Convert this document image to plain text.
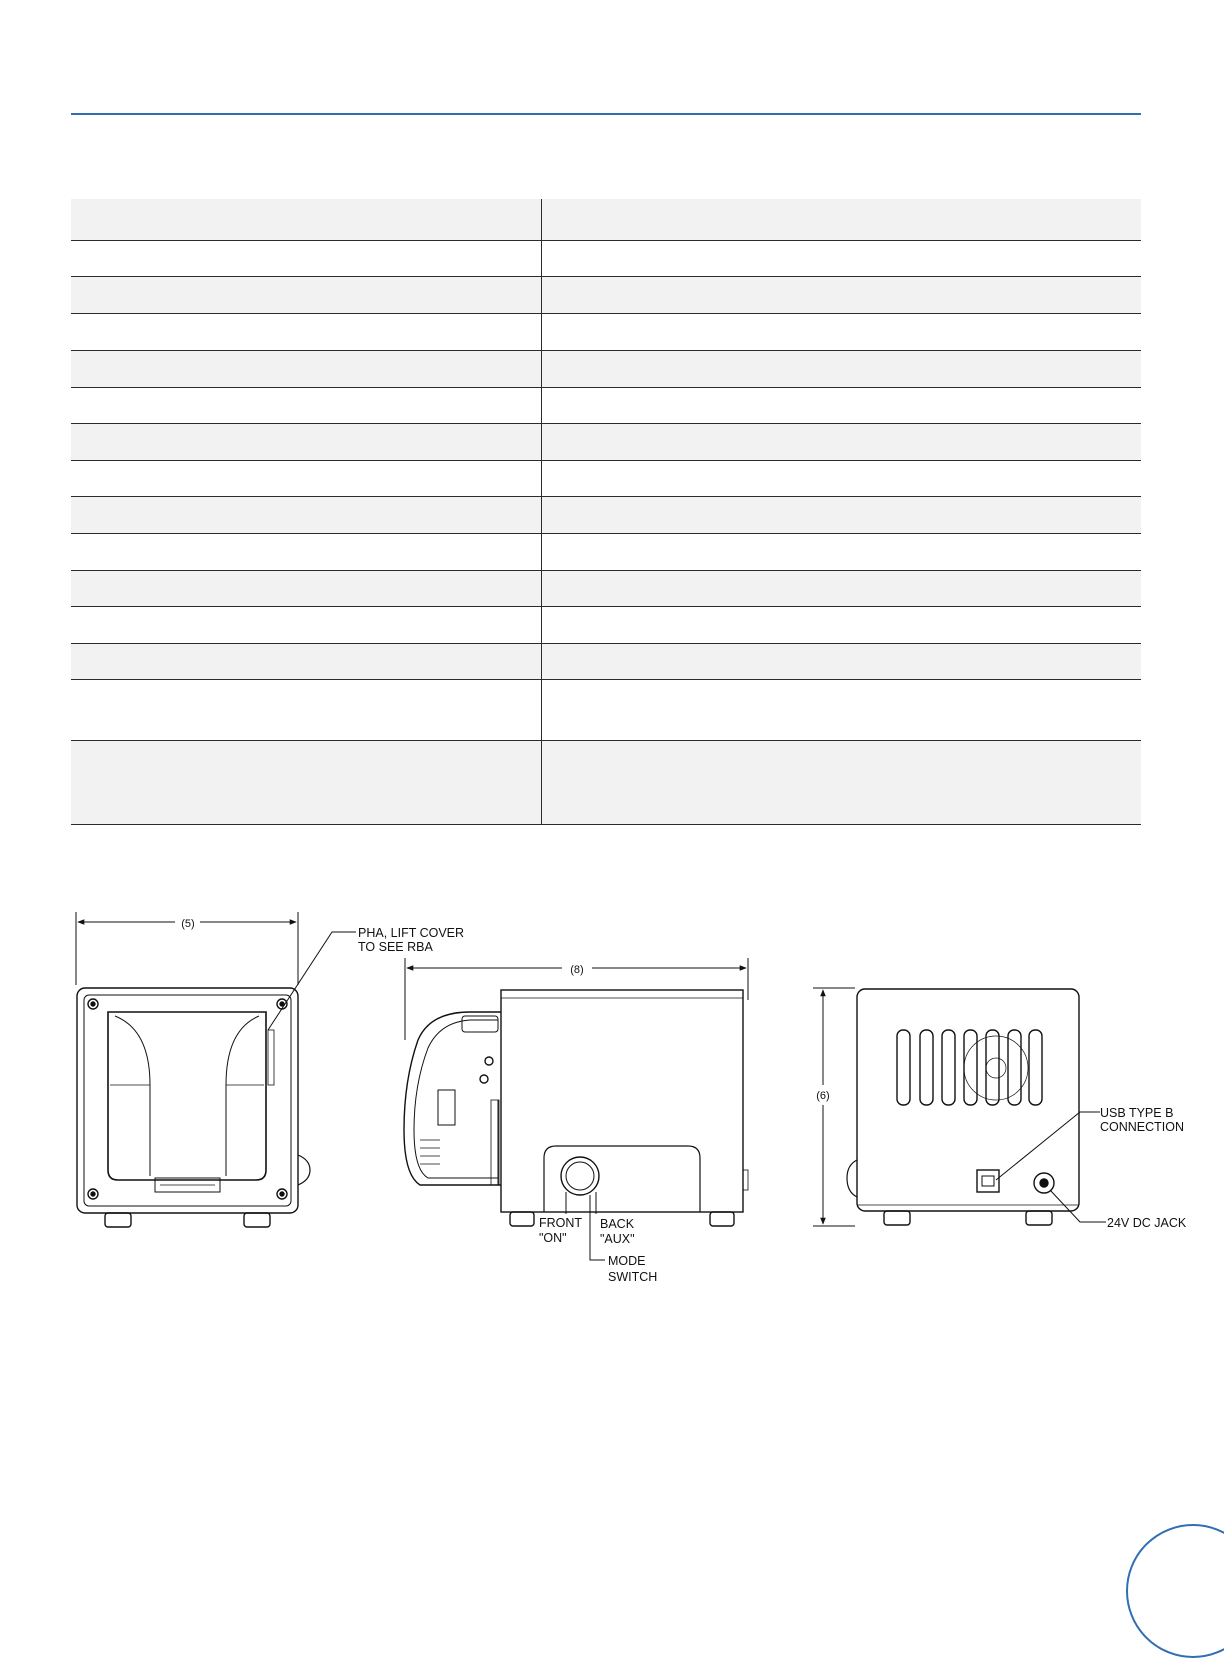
(5)
PHA, LIFT COVER
TO SEE RBA
(8)
FRONT
"ON"
BACK
"AUX"
MODE
SWITCH
(6)
USB TYPE B
CONNECTION
24V DC JACK
